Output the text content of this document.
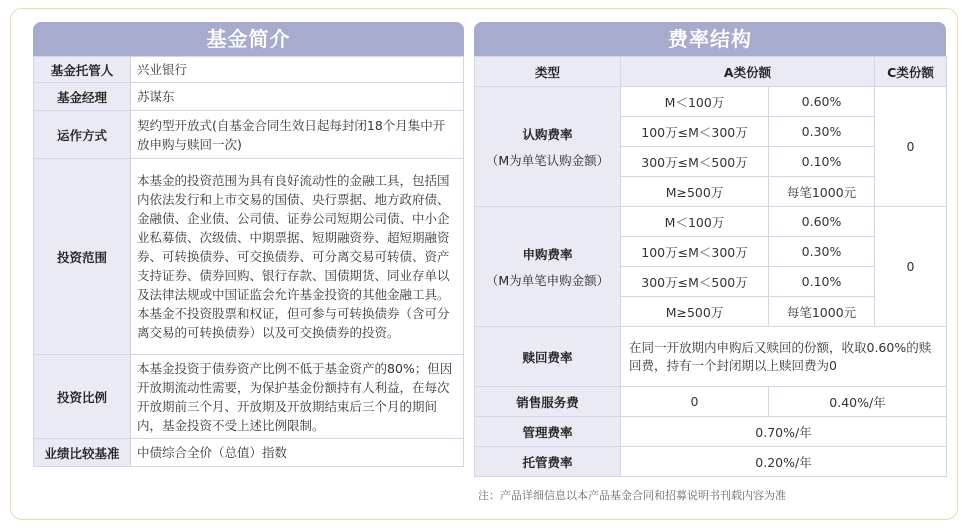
基金简介
基金托管人	兴业银行
基金经理	苏谋东
运作方式	契约型开放式(自基金合同生效日起每封闭18个月集中开放申购与赎回一次)
投资范围	本基金的投资范围为具有良好流动性的金融工具，包括国内依法发行和上市交易的国债、央行票据、地方政府债、金融债、企业债、公司债、证券公司短期公司债、中小企业私募债、次级债、中期票据、短期融资券、超短期融资券、可转换债券、可交换债券、可分离交易可转债、资产支持证券、债券回购、银行存款、国债期货、同业存单以及法律法规或中国证监会允许基金投资的其他金融工具。本基金不投资股票和权证，但可参与可转换债券（含可分离交易的可转换债券）以及可交换债券的投资。
投资比例	本基金投资于债券资产比例不低于基金资产的80%；但因开放期流动性需要，为保护基金份额持有人利益，在每次开放期前三个月、开放期及开放期结束后三个月的期间内，基金投资不受上述比例限制。
业绩比较基准	中债综合全价（总值）指数
费率结构
类型	A类份额		C类份额
认购费率
（M为单笔认购金额）	M＜100万	0.60%	0
	100万≤M＜300万	0.30%	
	300万≤M＜500万	0.10%	
	M≥500万	每笔1000元	
申购费率
（M为单笔申购金额）	M＜100万	0.60%	0
	100万≤M＜300万	0.30%	
	300万≤M＜500万	0.10%	
	M≥500万	每笔1000元	
赎回费率	在同一开放期内申购后又赎回的份额，收取0.60%的赎回费，持有一个封闭期以上赎回费为0		
销售服务费	0	0.40%/年	
管理费率	0.70%/年		
托管费率	0.20%/年		
注：产品详细信息以本产品基金合同和招募说明书刊载内容为准
